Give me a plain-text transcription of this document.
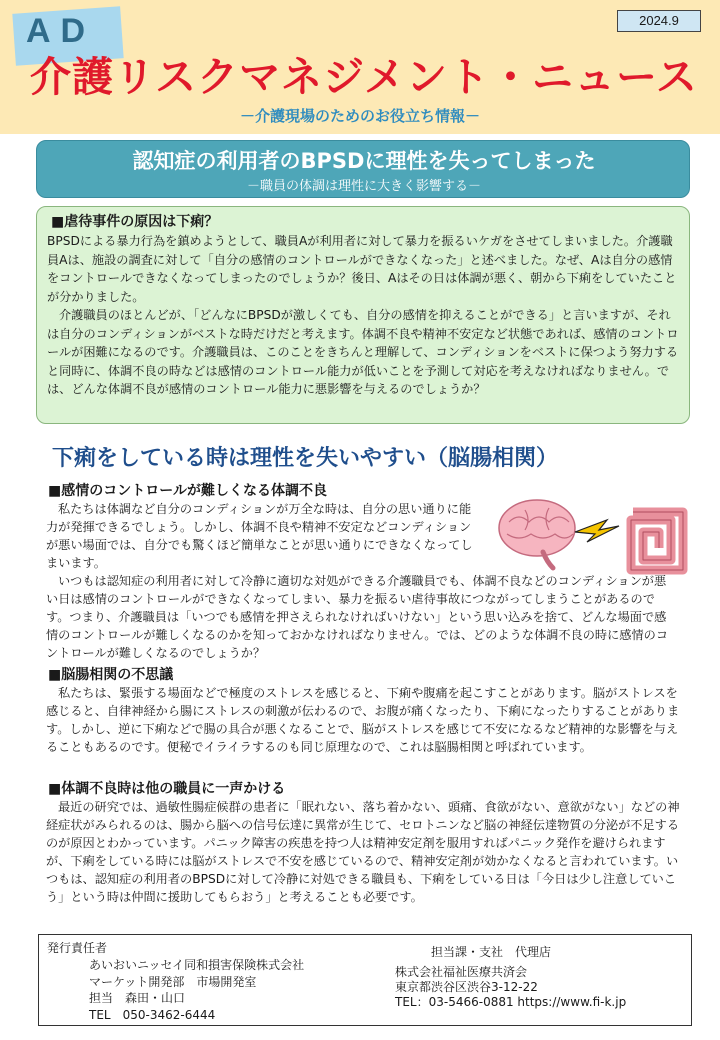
AD	2024.9
介護リスクマネジメント・ニュース
－介護現場のためのお役立ち情報－
認知症の利用者のBPSDに理性を失ってしまった
－職員の体調は理性に大きく影響する－
■虐待事件の原因は下痢？

BPSDによる暴力行為を鎮めようとして、職員Aが利用者に対して暴力を振るいケガをさせてしまいました。介護職員Aは、施設の調査に対して「自分の感情のコントロールができなくなった」と述べました。なぜ、Aは自分の感情をコントロールできなくなってしまったのでしょうか？後日、Aはその日は体調が悪く、朝から下痢をしていたことが分かりました。

介護職員のほとんどが、「どんなにBPSDが激しくても、自分の感情を抑えることができる」と言いますが、それは自分のコンディションがベストな時だけだと考えます。体調不良や精神不安定など状態であれば、感情のコントロールが困難になるのです。介護職員は、このことをきちんと理解して、コンディションをベストに保つよう努力すると同時に、体調不良の時などは感情のコントロール能力が低いことを予測して対応を考えなければなりません。では、どんな体調不良が感情のコントロール能力に悪影響を与えるのでしょうか？

下痢をしている時は理性を失いやすい（脳腸相関）
■感情のコントロールが難しくなる体調不良
私たちは体調など自分のコンディションが万全な時は、自分の思い通りに能力が発揮できるでしょう。しかし、体調不良や精神不安定などコンディションが悪い場面では、自分でも驚くほど簡単なことが思い通りにできなくなってしまいます。
いつもは認知症の利用者に対して冷静に適切な対処ができる介護職員でも、体調不良などのコンディションが悪い日は感情のコントロールができなくなってしまい、暴力を振るい虐待事故につながってしまうことがあるのです。つまり、介護職員は「いつでも感情を押さえられなければいけない」という思い込みを捨て、どんな場面で感情のコントロールが難しくなるのかを知っておかなければなりません。では、どのような体調不良の時に感情のコントロールが難しくなるのでしょうか？
■脳腸相関の不思議
私たちは、緊張する場面などで極度のストレスを感じると、下痢や腹痛を起こすことがあります。脳がストレスを感じると、自律神経から腸にストレスの刺激が伝わるので、お腹が痛くなったり、下痢になったりすることがあります。しかし、逆に下痢などで腸の具合が悪くなることで、脳がストレスを感じて不安になるなど精神的な影響を与えることもあるのです。便秘でイライラするのも同じ原理なので、これは脳腸相関と呼ばれています。
■体調不良時は他の職員に一声かける
最近の研究では、過敏性腸症候群の患者に「眠れない、落ち着かない、頭痛、食欲がない、意欲がない」などの神経症状がみられるのは、腸から脳への信号伝達に異常が生じて、セロトニンなど脳の神経伝達物質の分泌が不足するのが原因とわかっています。パニック障害の疾患を持つ人は精神安定剤を服用すればパニック発作を避けられますが、下痢をしている時には脳がストレスで不安を感じているので、精神安定剤が効かなくなると言われています。いつもは、認知症の利用者のBPSDに対して冷静に対処できる職員も、下痢をしている日は「今日は少し注意していこう」という時は仲間に援助してもらおう」と考えることも必要です。
発行責任者
あいおいニッセイ同和損害保険株式会社
マーケット開発部　市場開発室
担当　森田・山口
TEL　050-3462-6444
担当課・支社　代理店
株式会社福祉医療共済会
東京都渋谷区渋谷3-12-22
TEL：03-5466-0881 https://www.fi-k.jp
